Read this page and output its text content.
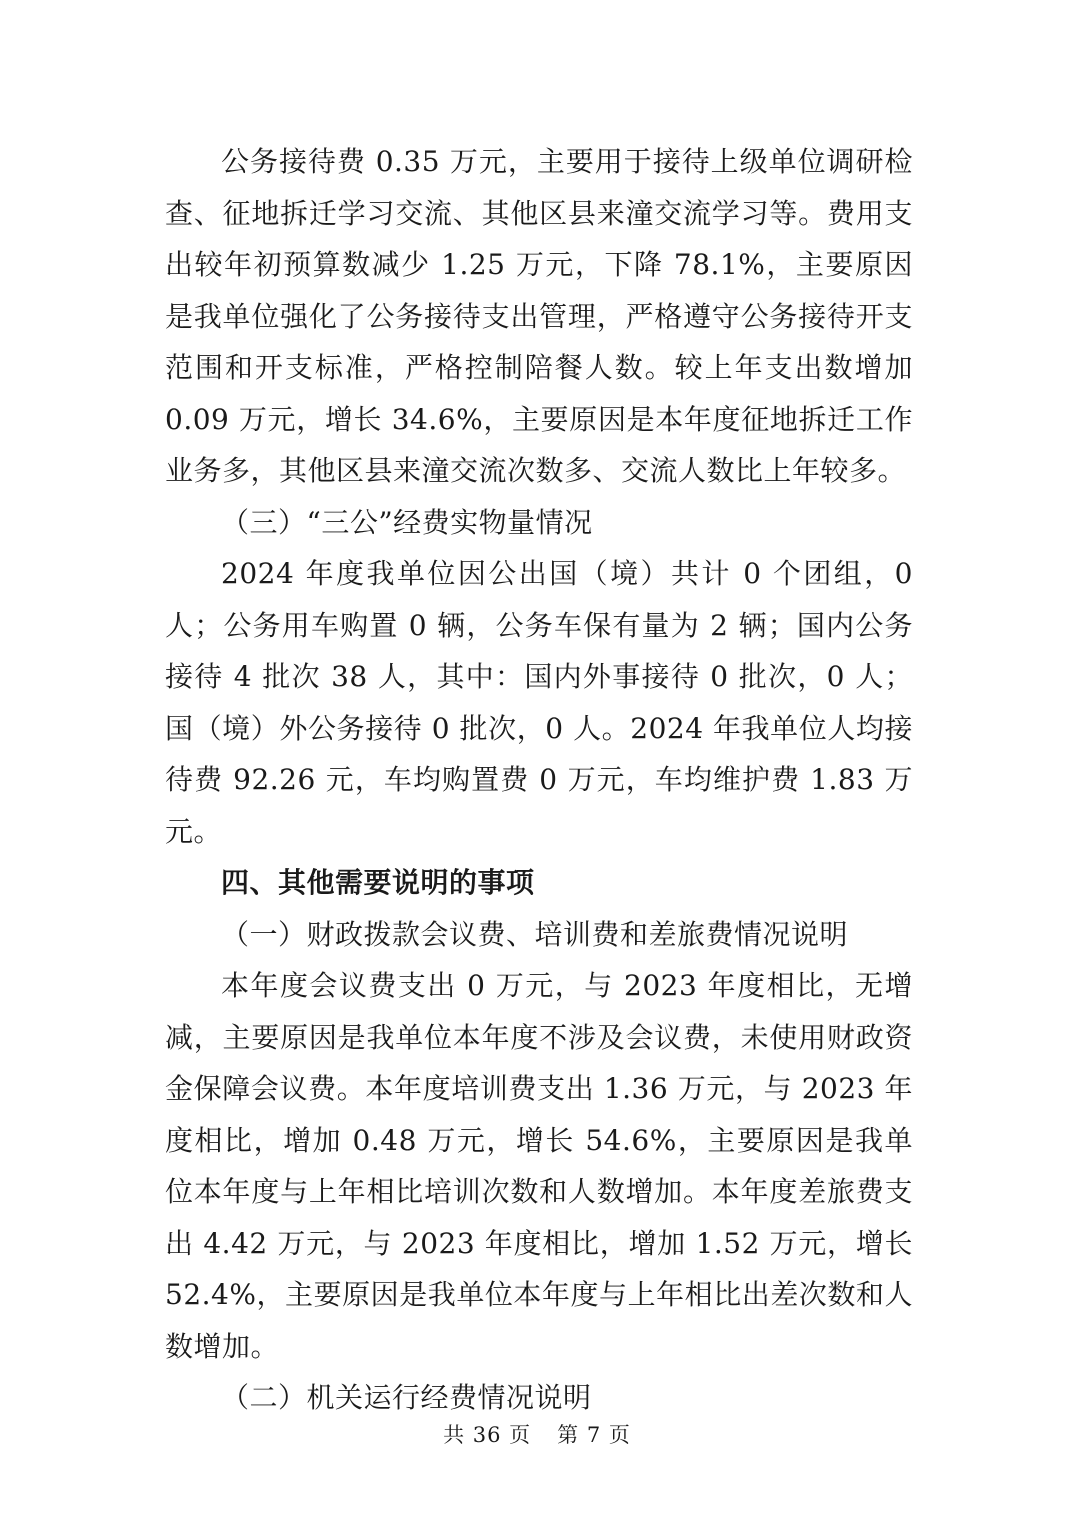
公务接待费 0.35 万元，主要用于接待上级单位调研检查、征地拆迁学习交流、其他区县来潼交流学习等。费用支出较年初预算数减少 1.25 万元，下降 78.1%，主要原因是我单位强化了公务接待支出管理，严格遵守公务接待开支范围和开支标准，严格控制陪餐人数。较上年支出数增加 0.09 万元，增长 34.6%，主要原因是本年度征地拆迁工作业务多，其他区县来潼交流次数多、交流人数比上年较多。

（三）“三公”经费实物量情况

2024 年度我单位因公出国（境）共计 0 个团组，0 人；公务用车购置 0 辆，公务车保有量为 2 辆；国内公务接待 4 批次 38 人，其中：国内外事接待 0 批次，0 人；国（境）外公务接待 0 批次，0 人。2024 年我单位人均接待费 92.26 元，车均购置费 0 万元，车均维护费 1.83 万元。

四、其他需要说明的事项

（一）财政拨款会议费、培训费和差旅费情况说明

本年度会议费支出 0 万元，与 2023 年度相比，无增减，主要原因是我单位本年度不涉及会议费，未使用财政资金保障会议费。本年度培训费支出 1.36 万元，与 2023 年度相比，增加 0.48 万元，增长 54.6%，主要原因是我单位本年度与上年相比培训次数和人数增加。本年度差旅费支出 4.42 万元，与 2023 年度相比，增加 1.52 万元，增长 52.4%，主要原因是我单位本年度与上年相比出差次数和人数增加。

（二）机关运行经费情况说明

共 36 页 第 7 页
